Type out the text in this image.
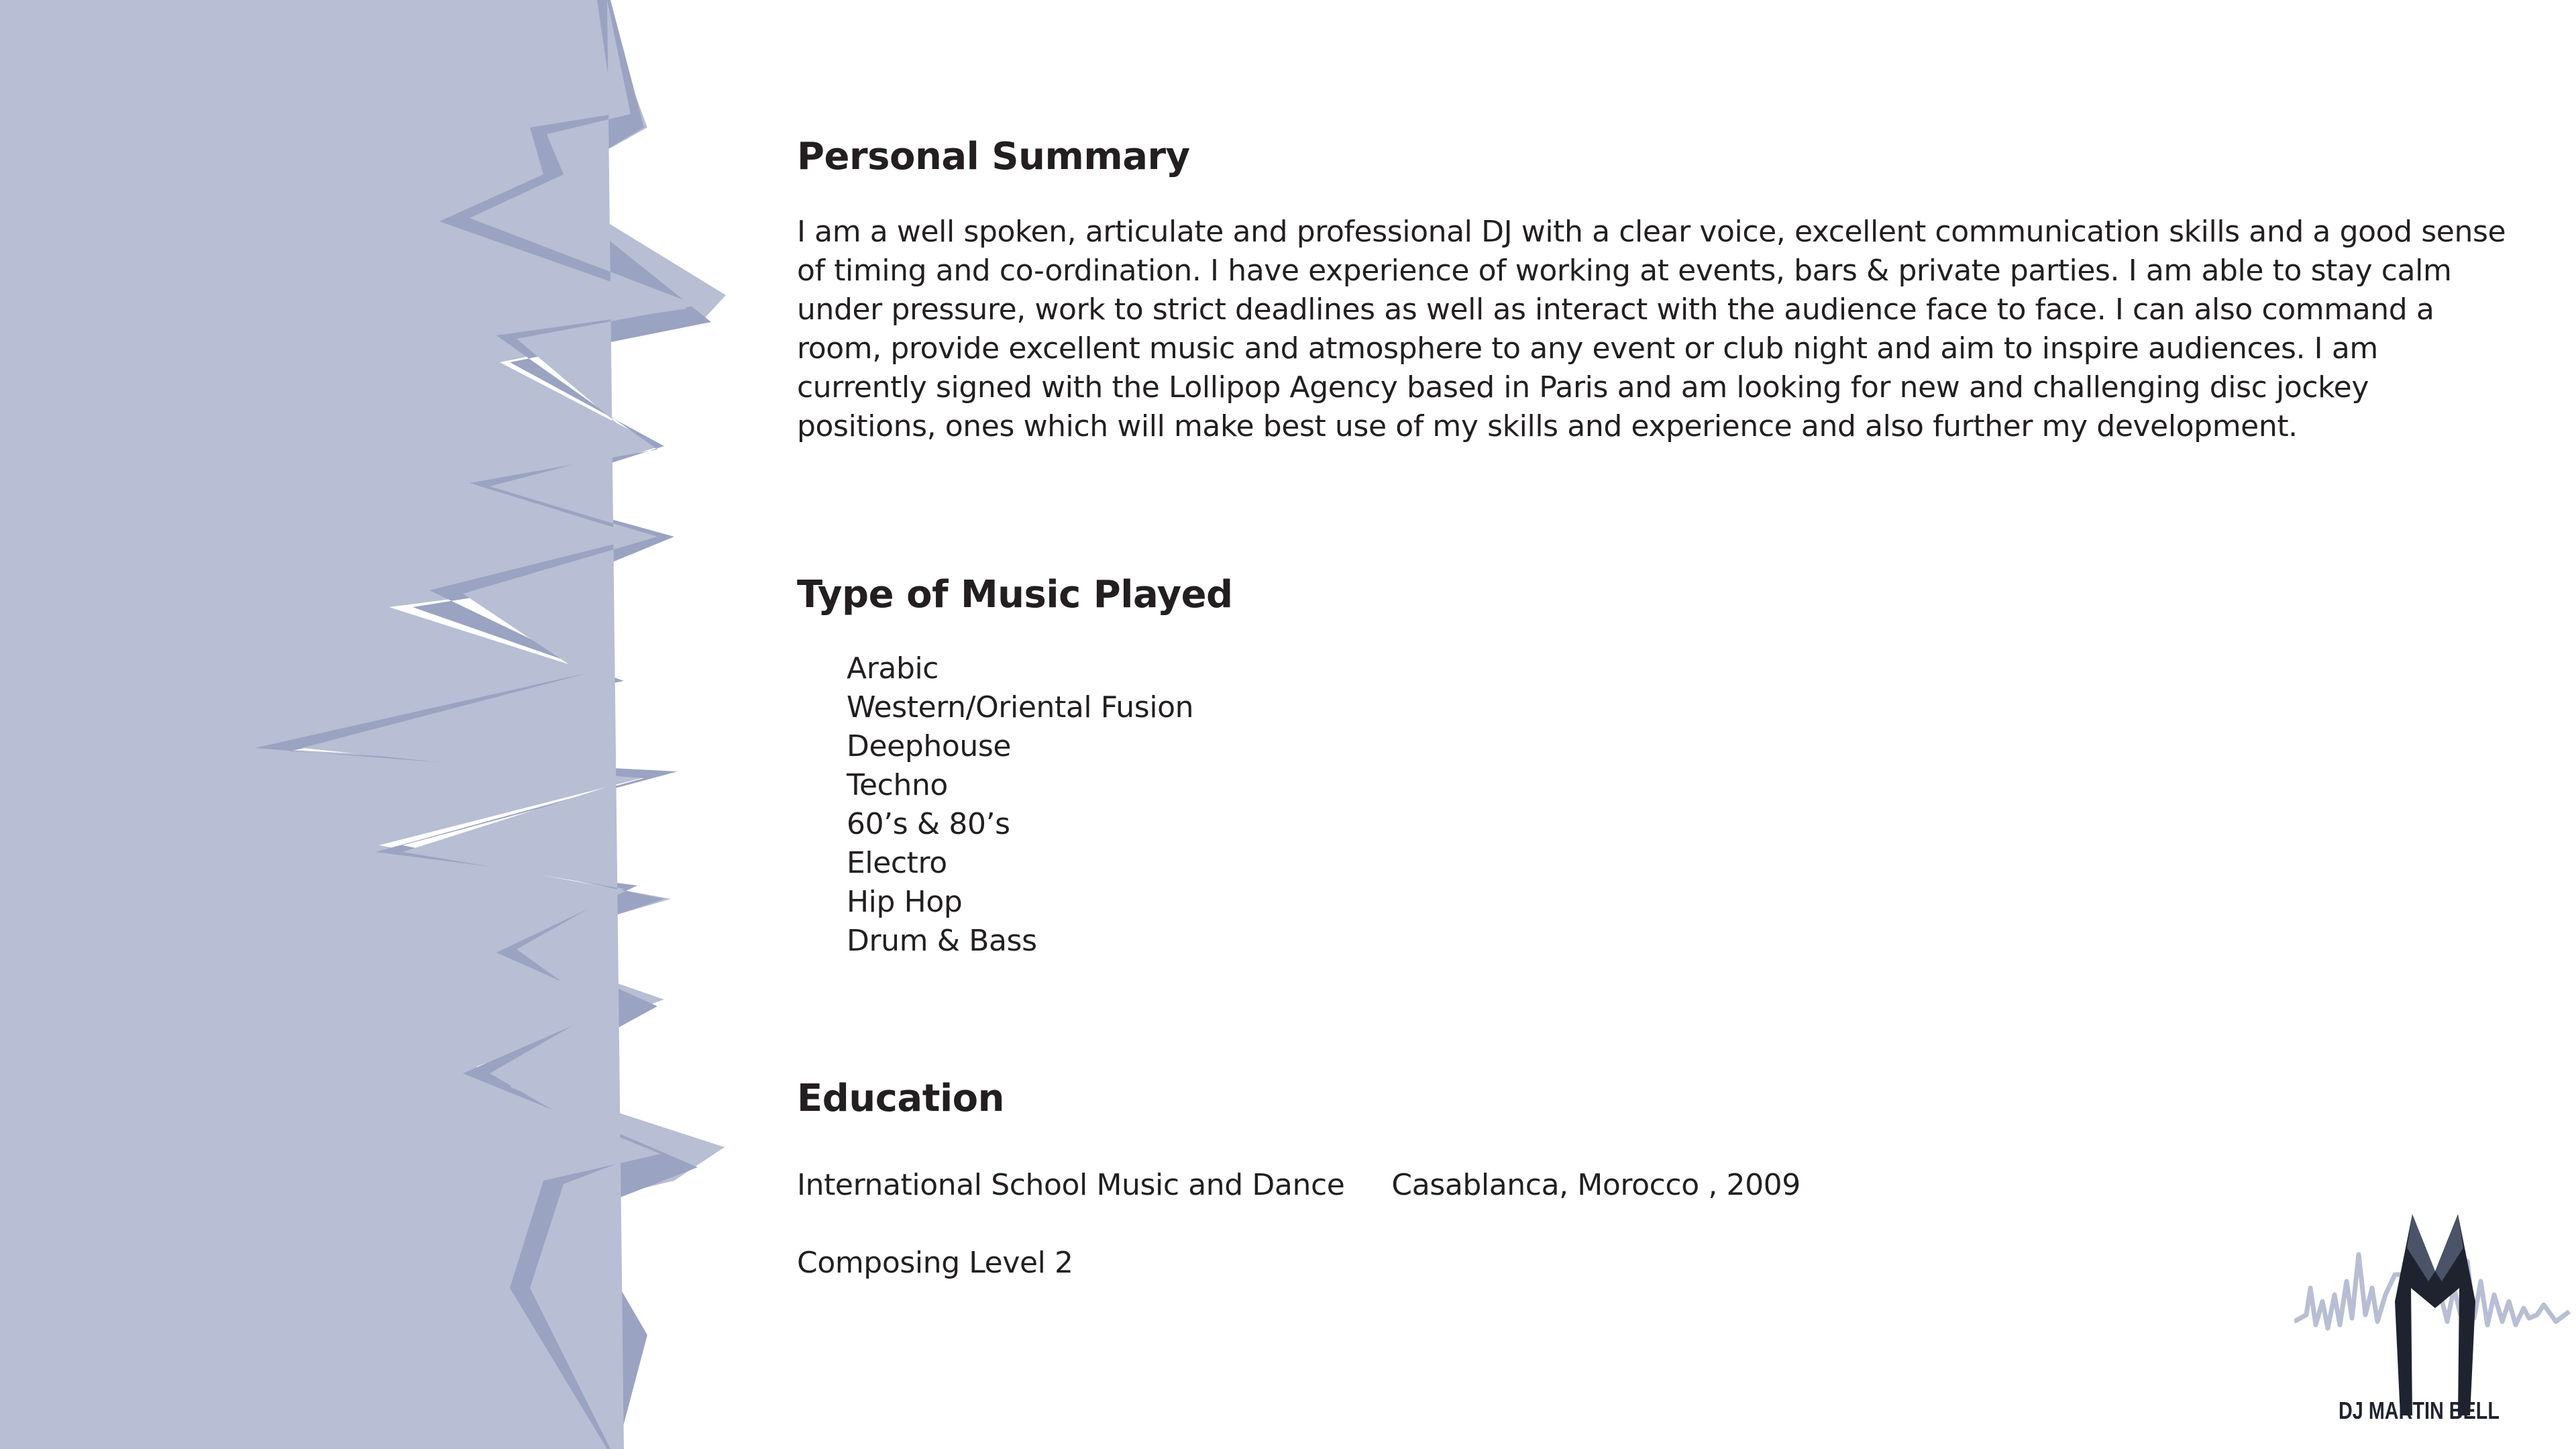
Personal Summary

I am a well spoken, articulate and professional DJ with a clear voice, excellent communication skills and a good sense of timing and co-ordination. I have experience of working at events, bars & private parties. I am able to stay calm under pressure, work to strict deadlines as well as interact with the audience face to face. I can also command a room, provide excellent music and atmosphere to any event or club night and aim to inspire audiences. I am currently signed with the Lollipop Agency based in Paris and am looking for new and challenging disc jockey positions, ones which will make best use of my skills and experience and also further my development.

Type of Music Played
Arabic
Western/Oriental Fusion
Deephouse
Techno
60’s & 80’s
Electro
Hip Hop
Drum & Bass
Education
International School Music and Dance Casablanca, Morocco , 2009
Composing Level 2
DJ MARTIN BELL
